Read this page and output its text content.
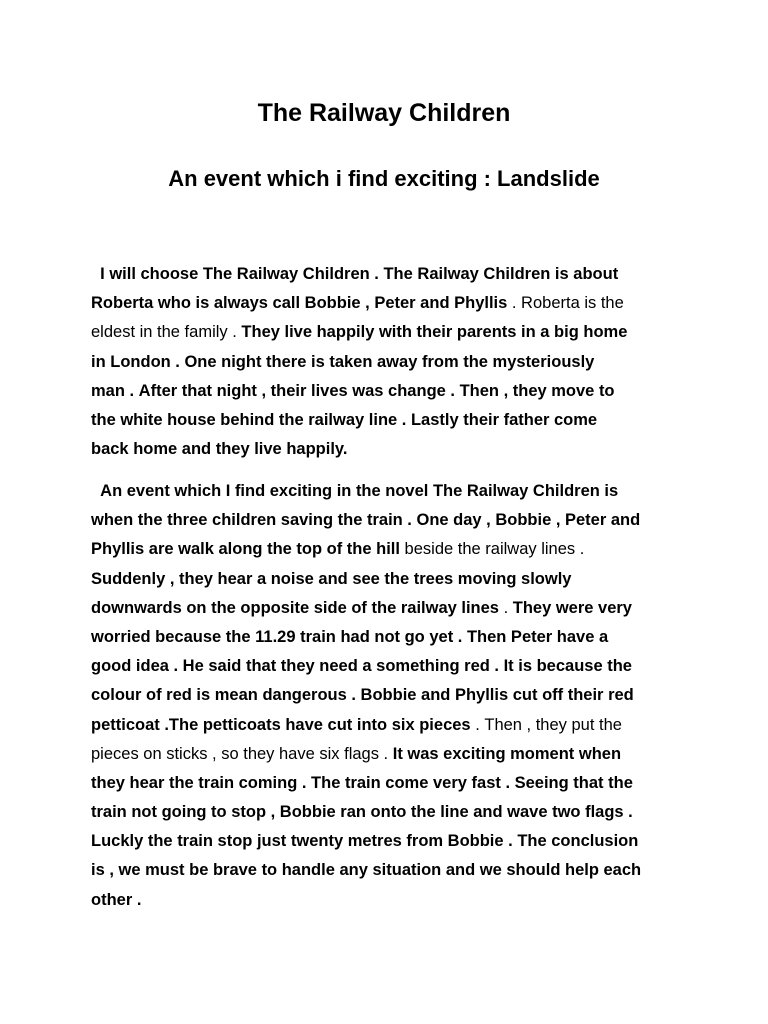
The Railway Children
An event which i find exciting : Landslide
I will choose The Railway Children . The Railway Children is about
Roberta who is always call Bobbie , Peter and Phyllis . Roberta is the
eldest in the family . They live happily with their parents in a big home
in London . One night there is taken away from the mysteriously
man . After that night , their lives was change . Then , they move to
the white house behind the railway line . Lastly their father come
back home and they live happily.
An event which I find exciting in the novel The Railway Children is
when the three children saving the train . One day , Bobbie , Peter and
Phyllis are walk along the top of the hill beside the railway lines .
Suddenly , they hear a noise and see the trees moving slowly
downwards on the opposite side of the railway lines . They were very
worried because the 11.29 train had not go yet . Then Peter have a
good idea . He said that they need a something red . It is because the
colour of red is mean dangerous . Bobbie and Phyllis cut off their red
petticoat .The petticoats have cut into six pieces . Then , they put the
pieces on sticks , so they have six flags . It was exciting moment when
they hear the train coming . The train come very fast . Seeing that the
train not going to stop , Bobbie ran onto the line and wave two flags .
Luckly the train stop just twenty metres from Bobbie . The conclusion
is , we must be brave to handle any situation and we should help each
other .
